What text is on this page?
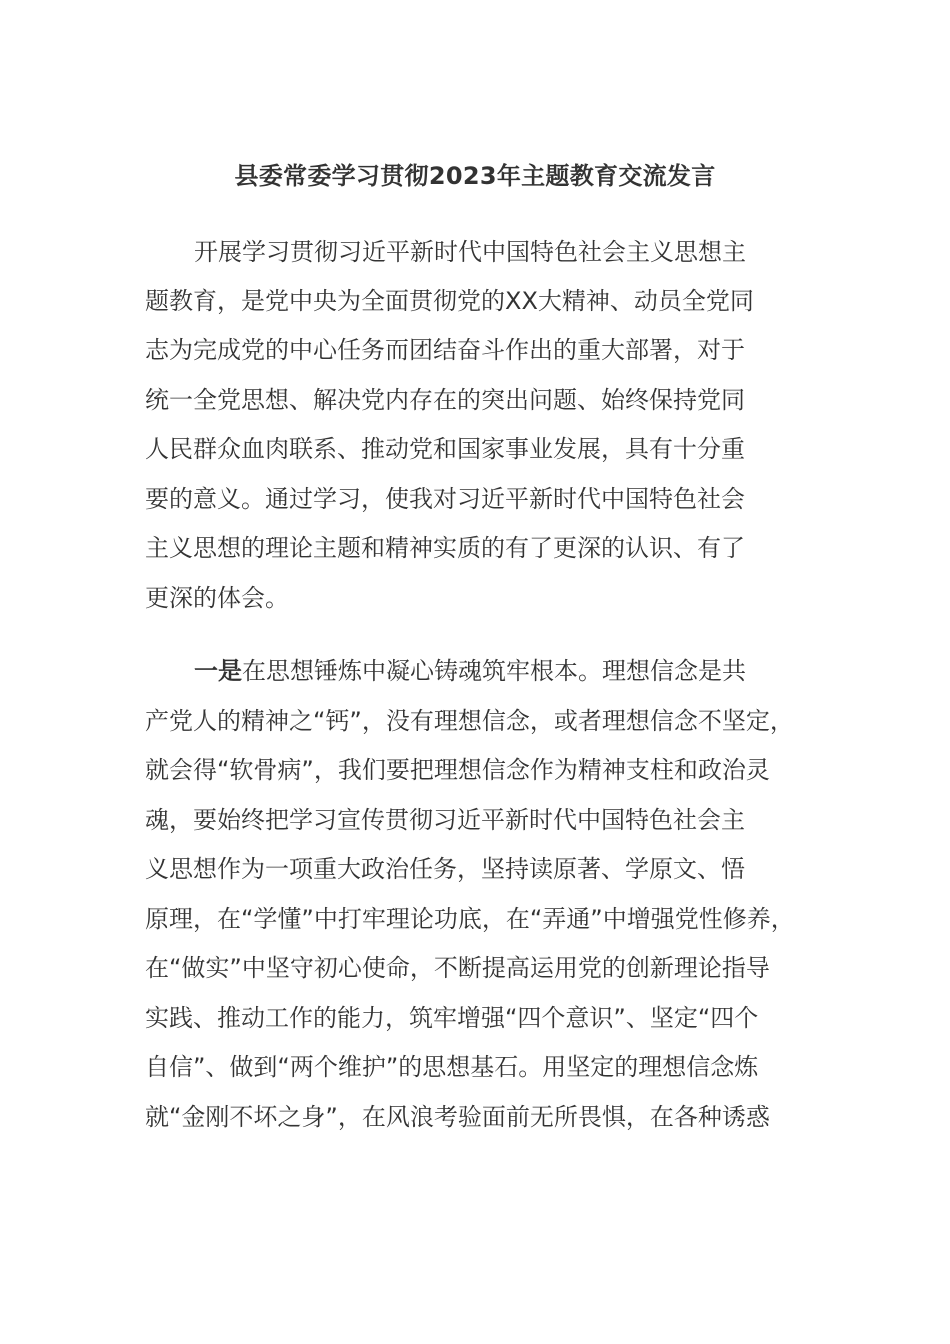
县委常委学习贯彻2023年主题教育交流发言
开展学习贯彻习近平新时代中国特色社会主义思想主
题教育，是党中央为全面贯彻党的XX大精神、动员全党同
志为完成党的中心任务而团结奋斗作出的重大部署，对于
统一全党思想、解决党内存在的突出问题、始终保持党同
人民群众血肉联系、推动党和国家事业发展，具有十分重
要的意义。通过学习，使我对习近平新时代中国特色社会
主义思想的理论主题和精神实质的有了更深的认识、有了
更深的体会。
一是在思想锤炼中凝心铸魂筑牢根本。理想信念是共
产党人的精神之“钙”，没有理想信念，或者理想信念不坚定，
就会得“软骨病”，我们要把理想信念作为精神支柱和政治灵
魂，要始终把学习宣传贯彻习近平新时代中国特色社会主
义思想作为一项重大政治任务，坚持读原著、学原文、悟
原理，在“学懂”中打牢理论功底，在“弄通”中增强党性修养，
在“做实”中坚守初心使命，不断提高运用党的创新理论指导
实践、推动工作的能力，筑牢增强“四个意识”、坚定“四个
自信”、做到“两个维护”的思想基石。用坚定的理想信念炼
就“金刚不坏之身”，在风浪考验面前无所畏惧，在各种诱惑
